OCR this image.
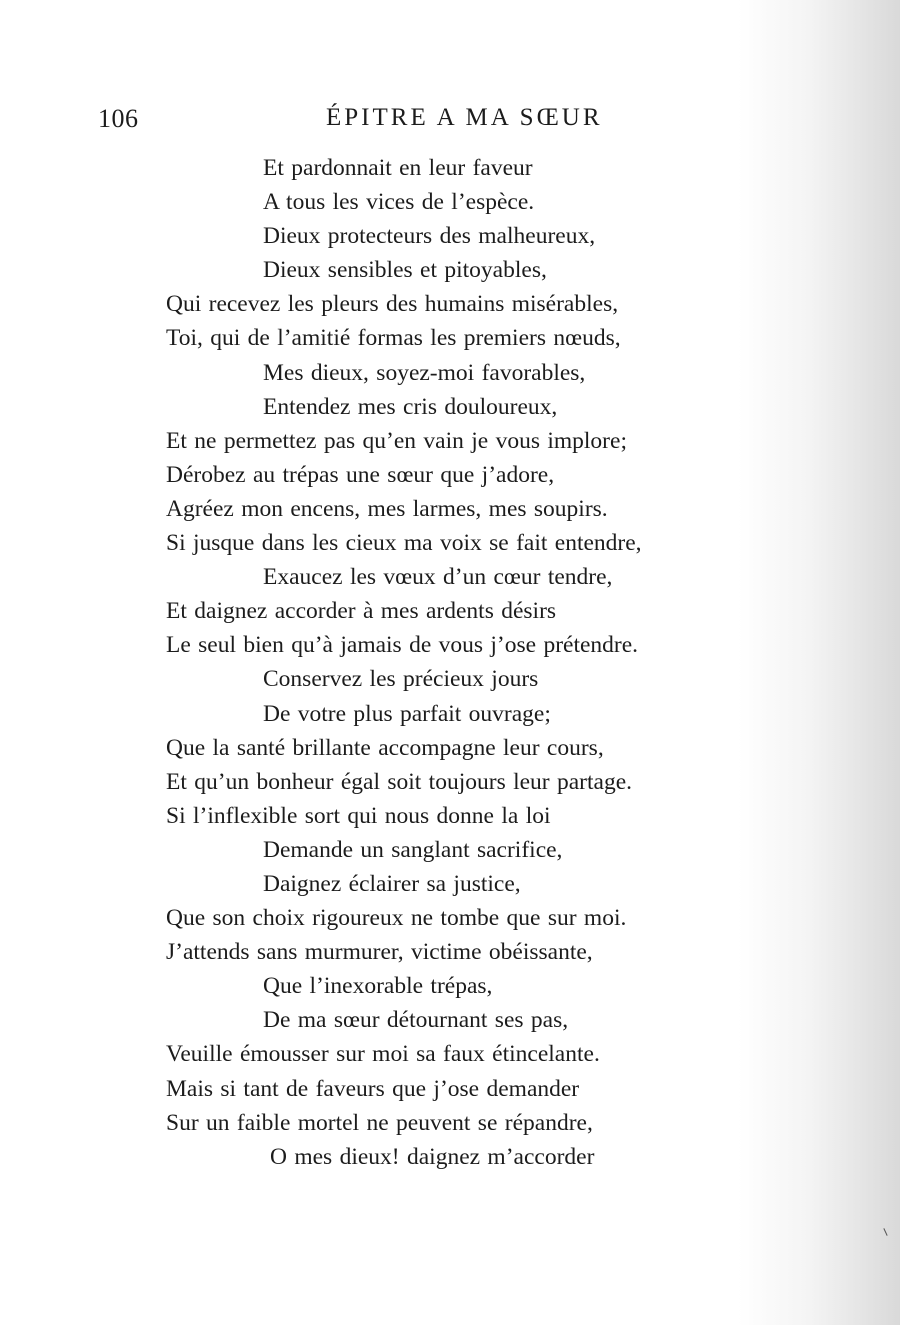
106	ÉPITRE A MA SŒUR
Et pardonnait en leur faveur
A tous les vices de l’espèce.
Dieux protecteurs des malheureux,
Dieux sensibles et pitoyables,
Qui recevez les pleurs des humains misérables,
Toi, qui de l’amitié formas les premiers nœuds,
Mes dieux, soyez-moi favorables,
Entendez mes cris douloureux,
Et ne permettez pas qu’en vain je vous implore;
Dérobez au trépas une sœur que j’adore,
Agréez mon encens, mes larmes, mes soupirs.
Si jusque dans les cieux ma voix se fait entendre,
Exaucez les vœux d’un cœur tendre,
Et daignez accorder à mes ardents désirs
Le seul bien qu’à jamais de vous j’ose prétendre.
Conservez les précieux jours
De votre plus parfait ouvrage;
Que la santé brillante accompagne leur cours,
Et qu’un bonheur égal soit toujours leur partage.
Si l’inflexible sort qui nous donne la loi
Demande un sanglant sacrifice,
Daignez éclairer sa justice,
Que son choix rigoureux ne tombe que sur moi.
J’attends sans murmurer, victime obéissante,
Que l’inexorable trépas,
De ma sœur détournant ses pas,
Veuille émousser sur moi sa faux étincelante.
Mais si tant de faveurs que j’ose demander
Sur un faible mortel ne peuvent se répandre,
O mes dieux! daignez m’accorder
